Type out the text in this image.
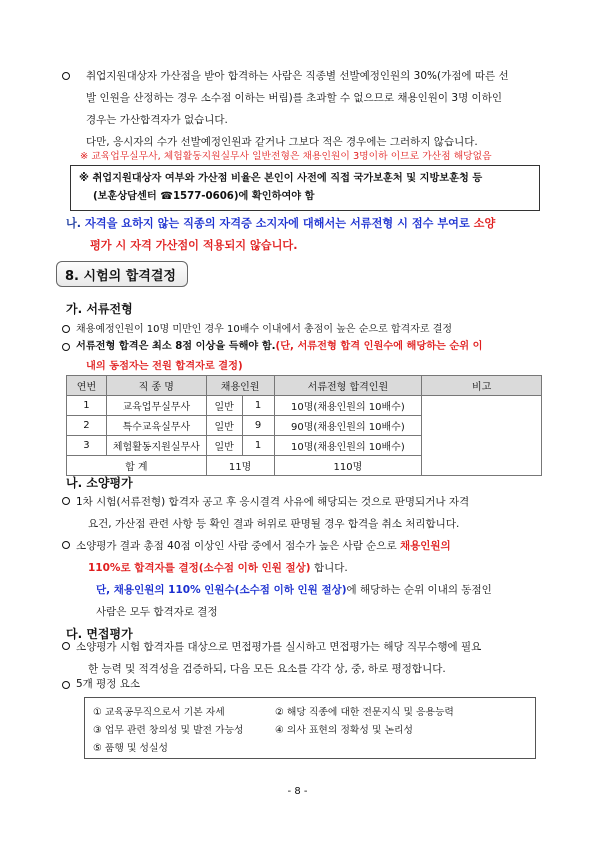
취업지원대상자 가산점을 받아 합격하는 사람은 직종별 선발예정인원의 30%(가점에 따른 선
발 인원을 산정하는 경우 소수점 이하는 버림)를 초과할 수 없으므로 채용인원이 3명 이하인
경우는 가산합격자가 없습니다.
다만, 응시자의 수가 선발예정인원과 같거나 그보다 적은 경우에는 그러하지 않습니다.
※ 교육업무실무사, 체험활동지원실무사 일반전형은 채용인원이 3명이하 이므로 가산점 해당없음
※ 취업지원대상자 여부와 가산점 비율은 본인이 사전에 직접 국가보훈처 및 지방보훈청 등
(보훈상담센터 ☎1577-0606)에 확인하여야 함
나. 자격을 요하지 않는 직종의 자격증 소지자에 대해서는 서류전형 시 점수 부여로 소양
평가 시 자격 가산점이 적용되지 않습니다.
8. 시험의 합격결정
가. 서류전형
채용예정인원이 10명 미만인 경우 10배수 이내에서 총점이 높은 순으로 합격자로 결정
서류전형 합격은 최소 8점 이상을 득해야 함.(단, 서류전형 합격 인원수에 해당하는 순위 이
내의 동점자는 전원 합격자로 결정)
연번	직 종 명	채용인원		서류전형 합격인원	비고
1	교육업무실무사	일반	1	10명(채용인원의 10배수)	
2	특수교육실무사	일반	9	90명(채용인원의 10배수)	
3	체험활동지원실무사	일반	1	10명(채용인원의 10배수)	
합 계		11명		110명	
나. 소양평가
1차 시험(서류전형) 합격자 공고 후 응시결격 사유에 해당되는 것으로 판명되거나 자격
요건, 가산점 관련 사항 등 확인 결과 허위로 판명될 경우 합격을 취소 처리합니다.
소양평가 결과 총점 40점 이상인 사람 중에서 점수가 높은 사람 순으로 채용인원의
110%로 합격자를 결정(소수점 이하 인원 절상) 합니다.
단, 채용인원의 110% 인원수(소수점 이하 인원 절상)에 해당하는 순위 이내의 동점인
사람은 모두 합격자로 결정
다. 면접평가
소양평가 시험 합격자를 대상으로 면접평가를 실시하고 면접평가는 해당 직무수행에 필요
한 능력 및 적격성을 검증하되, 다음 모든 요소를 각각 상, 중, 하로 평정합니다.
5개 평정 요소
① 교육공무직으로서 기본 자세	② 해당 직종에 대한 전문지식 및 응용능력
③ 업무 관련 창의성 및 발전 가능성	④ 의사 표현의 정확성 및 논리성
⑤ 품행 및 성실성
- 8 -
